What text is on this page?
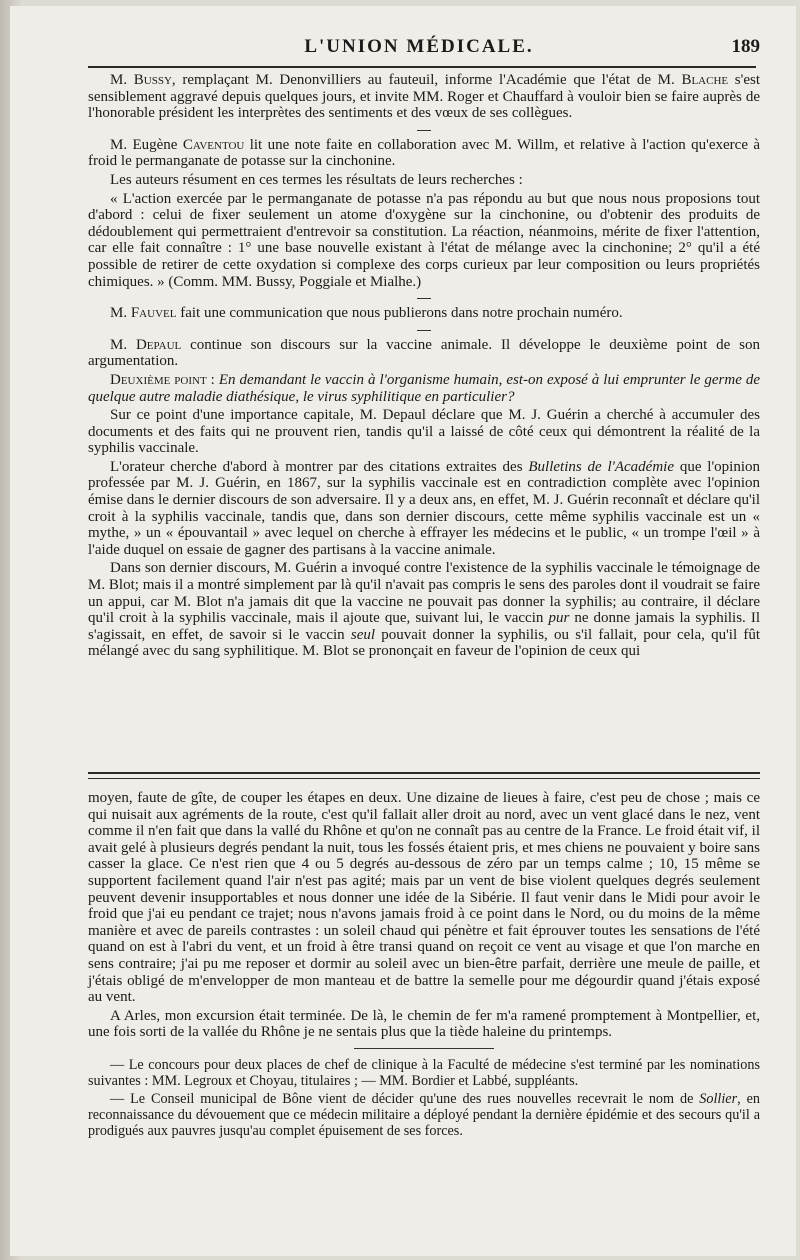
L'UNION MÉDICALE.	189

M. Bussy, remplaçant M. Denonvilliers au fauteuil, informe l'Académie que l'état de M. Blache s'est sensiblement aggravé depuis quelques jours, et invite MM. Roger et Chauffard à vouloir bien se faire auprès de l'honorable président les interprètes des sentiments et des vœux de ses collègues.

M. Eugène Caventou lit une note faite en collaboration avec M. Willm, et relative à l'action qu'exerce à froid le permanganate de potasse sur la cinchonine.

Les auteurs résument en ces termes les résultats de leurs recherches :

« L'action exercée par le permanganate de potasse n'a pas répondu au but que nous nous proposions tout d'abord : celui de fixer seulement un atome d'oxygène sur la cinchonine, ou d'obtenir des produits de dédoublement qui permettraient d'entrevoir sa constitution. La réaction, néanmoins, mérite de fixer l'attention, car elle fait connaître : 1° une base nouvelle existant à l'état de mélange avec la cinchonine; 2° qu'il a été possible de retirer de cette oxydation si complexe des corps curieux par leur composition ou leurs propriétés chimiques. » (Comm. MM. Bussy, Poggiale et Mialhe.)

M. Fauvel fait une communication que nous publierons dans notre prochain numéro.

M. Depaul continue son discours sur la vaccine animale. Il développe le deuxième point de son argumentation.

Deuxième point : En demandant le vaccin à l'organisme humain, est-on exposé à lui emprunter le germe de quelque autre maladie diathésique, le virus syphilitique en particulier?

Sur ce point d'une importance capitale, M. Depaul déclare que M. J. Guérin a cherché à accumuler des documents et des faits qui ne prouvent rien, tandis qu'il a laissé de côté ceux qui démontrent la réalité de la syphilis vaccinale.

L'orateur cherche d'abord à montrer par des citations extraites des Bulletins de l'Académie que l'opinion professée par M. J. Guérin, en 1867, sur la syphilis vaccinale est en contradiction complète avec l'opinion émise dans le dernier discours de son adversaire. Il y a deux ans, en effet, M. J. Guérin reconnaît et déclare qu'il croit à la syphilis vaccinale, tandis que, dans son dernier discours, cette même syphilis vaccinale est un « mythe, » un « épouvantail » avec lequel on cherche à effrayer les médecins et le public, « un trompe l'œil » à l'aide duquel on essaie de gagner des partisans à la vaccine animale.

Dans son dernier discours, M. Guérin a invoqué contre l'existence de la syphilis vaccinale le témoignage de M. Blot; mais il a montré simplement par là qu'il n'avait pas compris le sens des paroles dont il voudrait se faire un appui, car M. Blot n'a jamais dit que la vaccine ne pouvait pas donner la syphilis; au contraire, il déclare qu'il croit à la syphilis vaccinale, mais il ajoute que, suivant lui, le vaccin pur ne donne jamais la syphilis. Il s'agissait, en effet, de savoir si le vaccin seul pouvait donner la syphilis, ou s'il fallait, pour cela, qu'il fût mélangé avec du sang syphilitique. M. Blot se prononçait en faveur de l'opinion de ceux qui

moyen, faute de gîte, de couper les étapes en deux. Une dizaine de lieues à faire, c'est peu de chose ; mais ce qui nuisait aux agréments de la route, c'est qu'il fallait aller droit au nord, avec un vent glacé dans le nez, vent comme il n'en fait que dans la vallé du Rhône et qu'on ne connaît pas au centre de la France. Le froid était vif, il avait gelé à plusieurs degrés pendant la nuit, tous les fossés étaient pris, et mes chiens ne pouvaient y boire sans casser la glace. Ce n'est rien que 4 ou 5 degrés au-dessous de zéro par un temps calme ; 10, 15 même se supportent facilement quand l'air n'est pas agité; mais par un vent de bise violent quelques degrés seulement peuvent devenir insupportables et nous donner une idée de la Sibérie. Il faut venir dans le Midi pour avoir le froid que j'ai eu pendant ce trajet; nous n'avons jamais froid à ce point dans le Nord, ou du moins de la même manière et avec de pareils contrastes : un soleil chaud qui pénètre et fait éprouver toutes les sensations de l'été quand on est à l'abri du vent, et un froid à être transi quand on reçoit ce vent au visage et que l'on marche en sens contraire; j'ai pu me reposer et dormir au soleil avec un bien-être parfait, derrière une meule de paille, et j'étais obligé de m'envelopper de mon manteau et de battre la semelle pour me dégourdir quand j'étais exposé au vent.

A Arles, mon excursion était terminée. De là, le chemin de fer m'a ramené promptement à Montpellier, et, une fois sorti de la vallée du Rhône je ne sentais plus que la tiède haleine du printemps.

— Le concours pour deux places de chef de clinique à la Faculté de médecine s'est terminé par les nominations suivantes : MM. Legroux et Choyau, titulaires ; — MM. Bordier et Labbé, suppléants.

— Le Conseil municipal de Bône vient de décider qu'une des rues nouvelles recevrait le nom de Sollier, en reconnaissance du dévouement que ce médecin militaire a déployé pendant la dernière épidémie et des secours qu'il a prodigués aux pauvres jusqu'au complet épuisement de ses forces.
